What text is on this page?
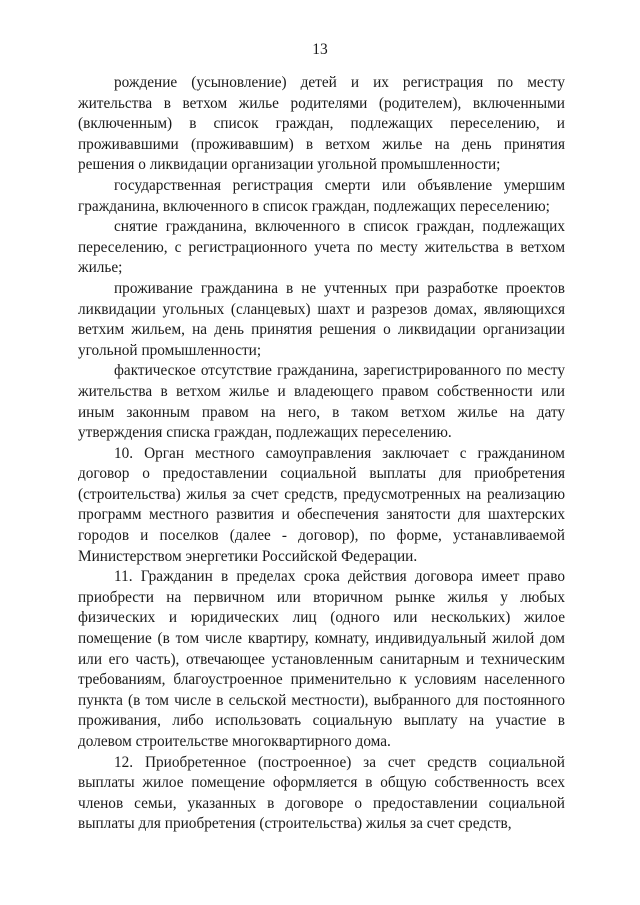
13

рождение (усыновление) детей и их регистрация по месту жительства в ветхом жилье родителями (родителем), включенными (включенным) в список граждан, подлежащих переселению, и проживавшими (проживавшим) в ветхом жилье на день принятия решения о ликвидации организации угольной промышленности;

государственная регистрация смерти или объявление умершим гражданина, включенного в список граждан, подлежащих переселению;

снятие гражданина, включенного в список граждан, подлежащих переселению, с регистрационного учета по месту жительства в ветхом жилье;

проживание гражданина в не учтенных при разработке проектов ликвидации угольных (сланцевых) шахт и разрезов домах, являющихся ветхим жильем, на день принятия решения о ликвидации организации угольной промышленности;

фактическое отсутствие гражданина, зарегистрированного по месту жительства в ветхом жилье и владеющего правом собственности или иным законным правом на него, в таком ветхом жилье на дату утверждения списка граждан, подлежащих переселению.

10. Орган местного самоуправления заключает с гражданином договор о предоставлении социальной выплаты для приобретения (строительства) жилья за счет средств, предусмотренных на реализацию программ местного развития и обеспечения занятости для шахтерских городов и поселков (далее - договор), по форме, устанавливаемой Министерством энергетики Российской Федерации.

11. Гражданин в пределах срока действия договора имеет право приобрести на первичном или вторичном рынке жилья у любых физических и юридических лиц (одного или нескольких) жилое помещение (в том числе квартиру, комнату, индивидуальный жилой дом или его часть), отвечающее установленным санитарным и техническим требованиям, благоустроенное применительно к условиям населенного пункта (в том числе в сельской местности), выбранного для постоянного проживания, либо использовать социальную выплату на участие в долевом строительстве многоквартирного дома.

12. Приобретенное (построенное) за счет средств социальной выплаты жилое помещение оформляется в общую собственность всех членов семьи, указанных в договоре о предоставлении социальной выплаты для приобретения (строительства) жилья за счет средств,
